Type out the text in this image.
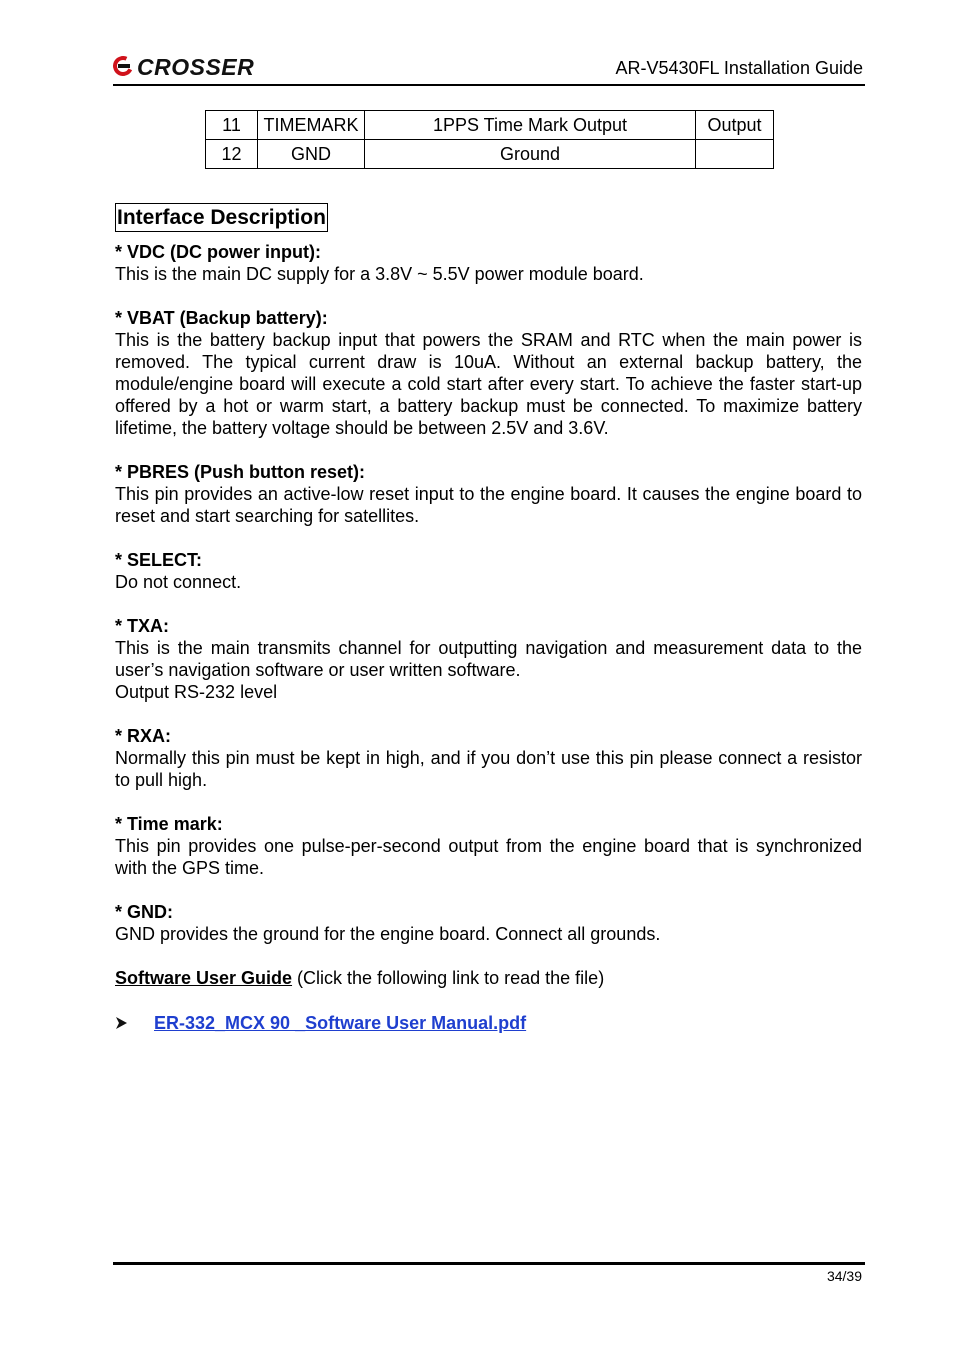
CROSSER	AR-V5430FL Installation Guide
11	TIMEMARK	1PPS Time Mark Output	Output
12	GND	Ground	
Interface Description
* VDC (DC power input):
This is the main DC supply for a 3.8V ~ 5.5V power module board.
* VBAT (Backup battery):
This is the battery backup input that powers the SRAM and RTC when the main power is removed. The typical current draw is 10uA. Without an external backup battery, the module/engine board will execute a cold start after every start. To achieve the faster start-up offered by a hot or warm start, a battery backup must be connected. To maximize battery lifetime, the battery voltage should be between 2.5V and 3.6V.
* PBRES (Push button reset):
This pin provides an active-low reset input to the engine board. It causes the engine board to reset and start searching for satellites.
* SELECT:
Do not connect.
* TXA:
This is the main transmits channel for outputting navigation and measurement data to the user’s navigation software or user written software.
Output RS-232 level
* RXA:
Normally this pin must be kept in high, and if you don’t use this pin please connect a resistor to pull high.
* Time mark:
This pin provides one pulse-per-second output from the engine board that is synchronized with the GPS time.
* GND:
GND provides the ground for the engine board. Connect all grounds.
Software User Guide (Click the following link to read the file)
ER-332_MCX 90 _Software User Manual.pdf
34/39
